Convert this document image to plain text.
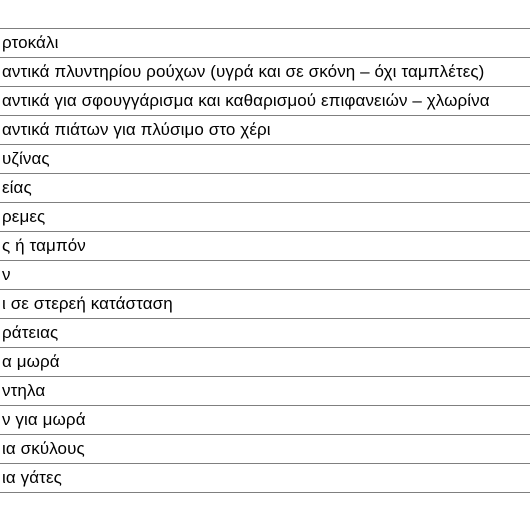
ρτοκάλι
αντικά πλυντηρίου ρούχων (υγρά και σε σκόνη – όχι ταμπλέτες)
αντικά για σφουγγάρισμα και καθαρισμού επιφανειών – χλωρίνα
αντικά πιάτων για πλύσιμο στο χέρι
υζίνας
είας
ρεμες
ς ή ταμπόν
ν
ι σε στερεή κατάσταση
ράτειας
α μωρά
ντηλα
ν για μωρά
ια σκύλους
ια γάτες
